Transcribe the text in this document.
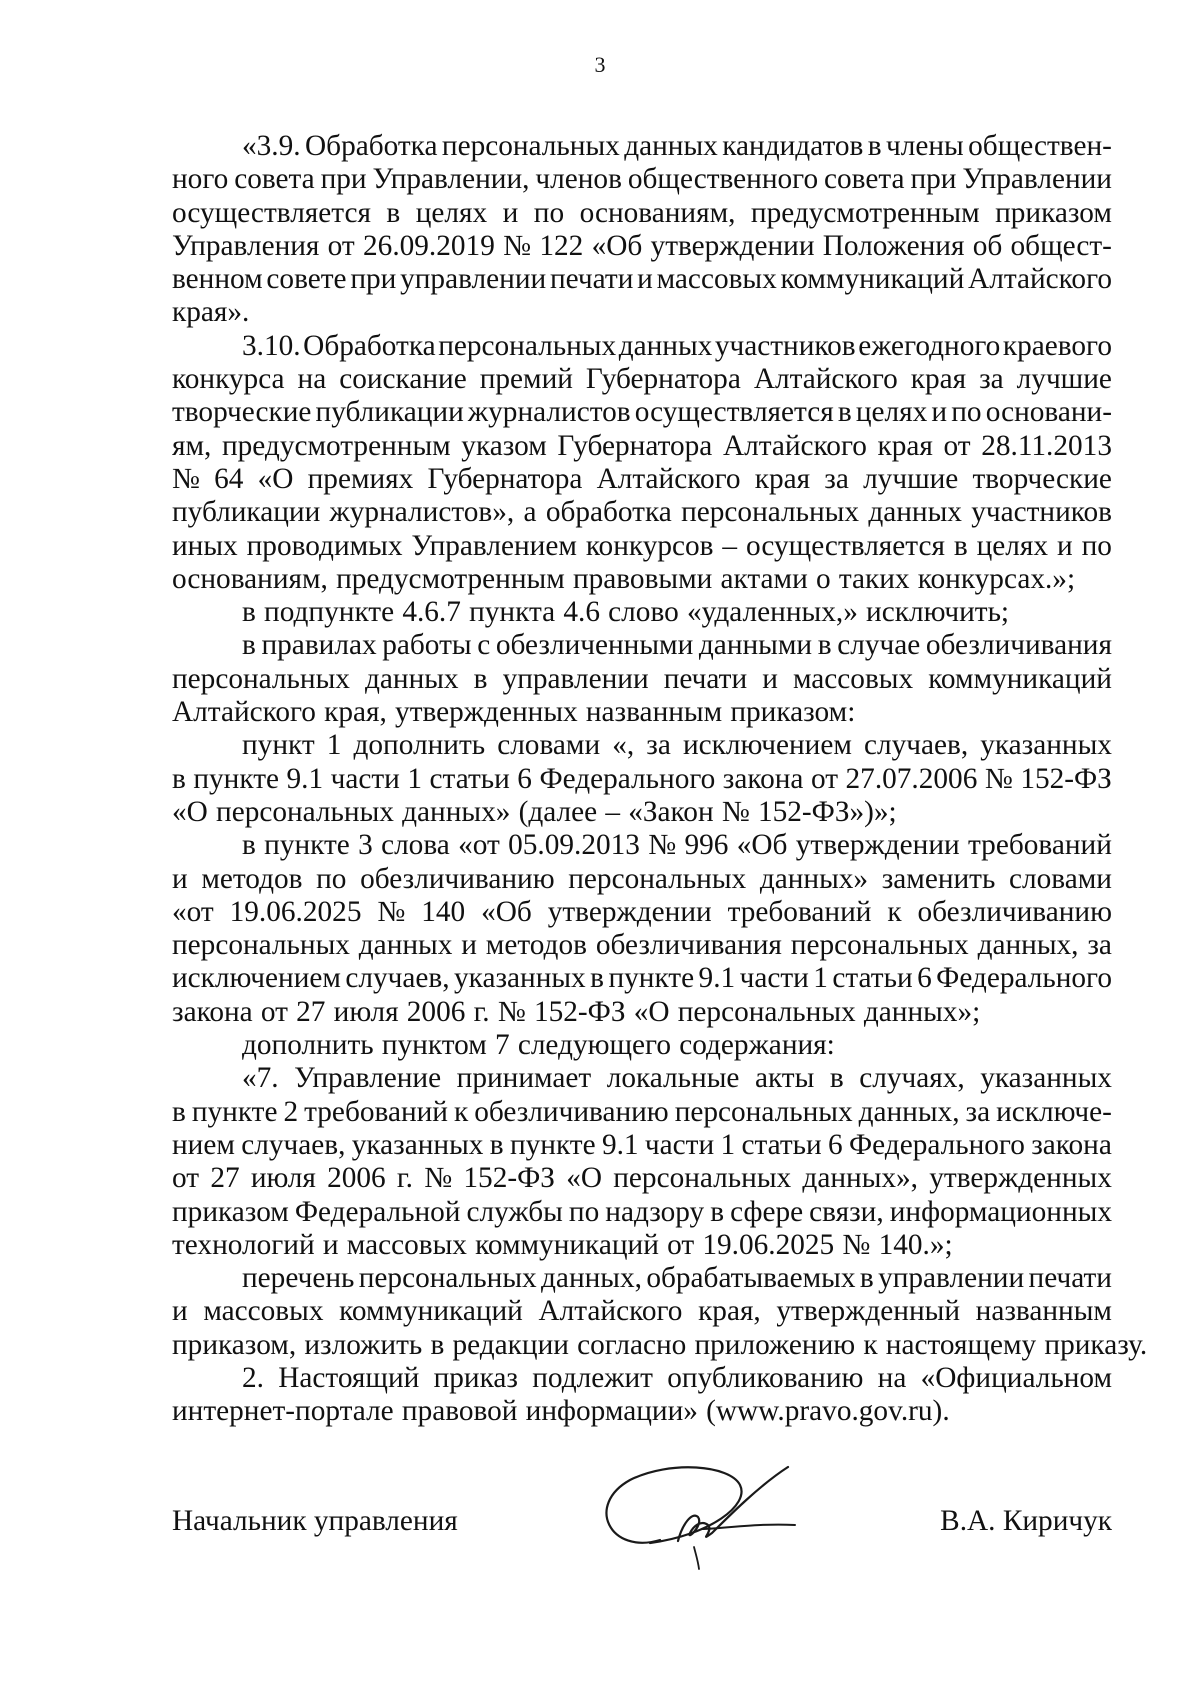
3
«3.9. Обработка персональных данных кандидатов в члены обществен-
ного совета при Управлении, членов общественного совета при Управлении
осуществляется в целях и по основаниям, предусмотренным приказом
Управления от 26.09.2019 № 122 «Об утверждении Положения об общест-
венном совете при управлении печати и массовых коммуникаций Алтайского
края».
3.10. Обработка персональных данных участников ежегодного краевого
конкурса на соискание премий Губернатора Алтайского края за лучшие
творческие публикации журналистов осуществляется в целях и по основани-
ям, предусмотренным указом Губернатора Алтайского края от 28.11.2013
№ 64 «О премиях Губернатора Алтайского края за лучшие творческие
публикации журналистов», а обработка персональных данных участников
иных проводимых Управлением конкурсов – осуществляется в целях и по
основаниям, предусмотренным правовыми актами о таких конкурсах.»;
в подпункте 4.6.7 пункта 4.6 слово «удаленных,» исключить;
в правилах работы с обезличенными данными в случае обезличивания
персональных данных в управлении печати и массовых коммуникаций
Алтайского края, утвержденных названным приказом:
пункт 1 дополнить словами «, за исключением случаев, указанных
в пункте 9.1 части 1 статьи 6 Федерального закона от 27.07.2006 № 152-ФЗ
«О персональных данных» (далее – «Закон № 152-ФЗ»)»;
в пункте 3 слова «от 05.09.2013 № 996 «Об утверждении требований
и методов по обезличиванию персональных данных» заменить словами
«от 19.06.2025 № 140 «Об утверждении требований к обезличиванию
персональных данных и методов обезличивания персональных данных, за
исключением случаев, указанных в пункте 9.1 части 1 статьи 6 Федерального
закона от 27 июля 2006 г. № 152-ФЗ «О персональных данных»;
дополнить пунктом 7 следующего содержания:
«7. Управление принимает локальные акты в случаях, указанных
в пункте 2 требований к обезличиванию персональных данных, за исключе-
нием случаев, указанных в пункте 9.1 части 1 статьи 6 Федерального закона
от 27 июля 2006 г. № 152-ФЗ «О персональных данных», утвержденных
приказом Федеральной службы по надзору в сфере связи, информационных
технологий и массовых коммуникаций от 19.06.2025 № 140.»;
перечень персональных данных, обрабатываемых в управлении печати
и массовых коммуникаций Алтайского края, утвержденный названным
приказом, изложить в редакции согласно приложению к настоящему приказу.
2. Настоящий приказ подлежит опубликованию на «Официальном
интернет-портале правовой информации» (www.pravo.gov.ru).
Начальник управления	В.А. Киричук
